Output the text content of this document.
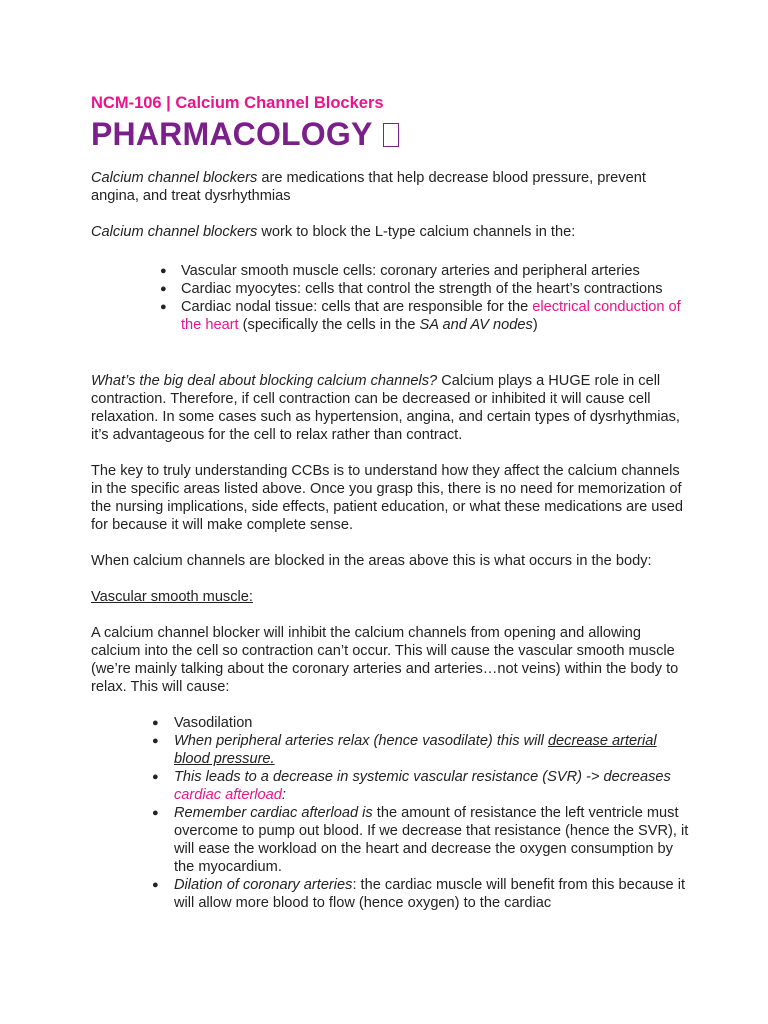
NCM-106 | Calcium Channel Blockers
PHARMACOLOGY

Calcium channel blockers are medications that help decrease blood pressure, prevent angina, and treat dysrhythmias

Calcium channel blockers work to block the L-type calcium channels in the:

● Vascular smooth muscle cells: coronary arteries and peripheral arteries
● Cardiac myocytes: cells that control the strength of the heart’s contractions
● Cardiac nodal tissue: cells that are responsible for the electrical conduction of the heart (specifically the cells in the SA and AV nodes)

What’s the big deal about blocking calcium channels? Calcium plays a HUGE role in cell contraction. Therefore, if cell contraction can be decreased or inhibited it will cause cell relaxation. In some cases such as hypertension, angina, and certain types of dysrhythmias, it’s advantageous for the cell to relax rather than contract.

The key to truly understanding CCBs is to understand how they affect the calcium channels in the specific areas listed above. Once you grasp this, there is no need for memorization of the nursing implications, side effects, patient education, or what these medications are used for because it will make complete sense.

When calcium channels are blocked in the areas above this is what occurs in the body:

Vascular smooth muscle:

A calcium channel blocker will inhibit the calcium channels from opening and allowing calcium into the cell so contraction can’t occur. This will cause the vascular smooth muscle (we’re mainly talking about the coronary arteries and arteries…not veins) within the body to relax. This will cause:

● Vasodilation
● When peripheral arteries relax (hence vasodilate) this will decrease arterial blood pressure.
● This leads to a decrease in systemic vascular resistance (SVR) -> decreases cardiac afterload:
● Remember cardiac afterload is the amount of resistance the left ventricle must overcome to pump out blood. If we decrease that resistance (hence the SVR), it will ease the workload on the heart and decrease the oxygen consumption by the myocardium.
● Dilation of coronary arteries: the cardiac muscle will benefit from this because it will allow more blood to flow (hence oxygen) to the cardiac
